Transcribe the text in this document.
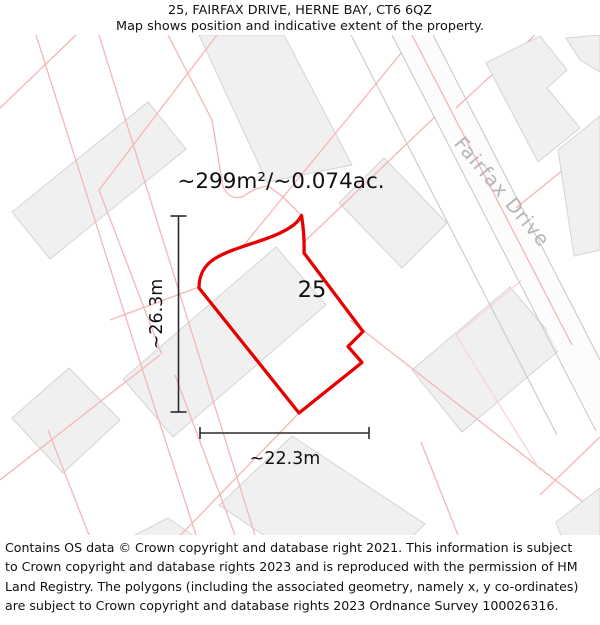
25, FAIRFAX DRIVE, HERNE BAY, CT6 6QZ
Map shows position and indicative extent of the property.
~299m²/~0.074ac.
25
~26.3m
~22.3m
Fairfax Drive
Contains OS data © Crown copyright and database right 2021. This information is subject to Crown copyright and database rights 2023 and is reproduced with the permission of HM Land Registry. The polygons (including the associated geometry, namely x, y co-ordinates) are subject to Crown copyright and database rights 2023 Ordnance Survey 100026316.
